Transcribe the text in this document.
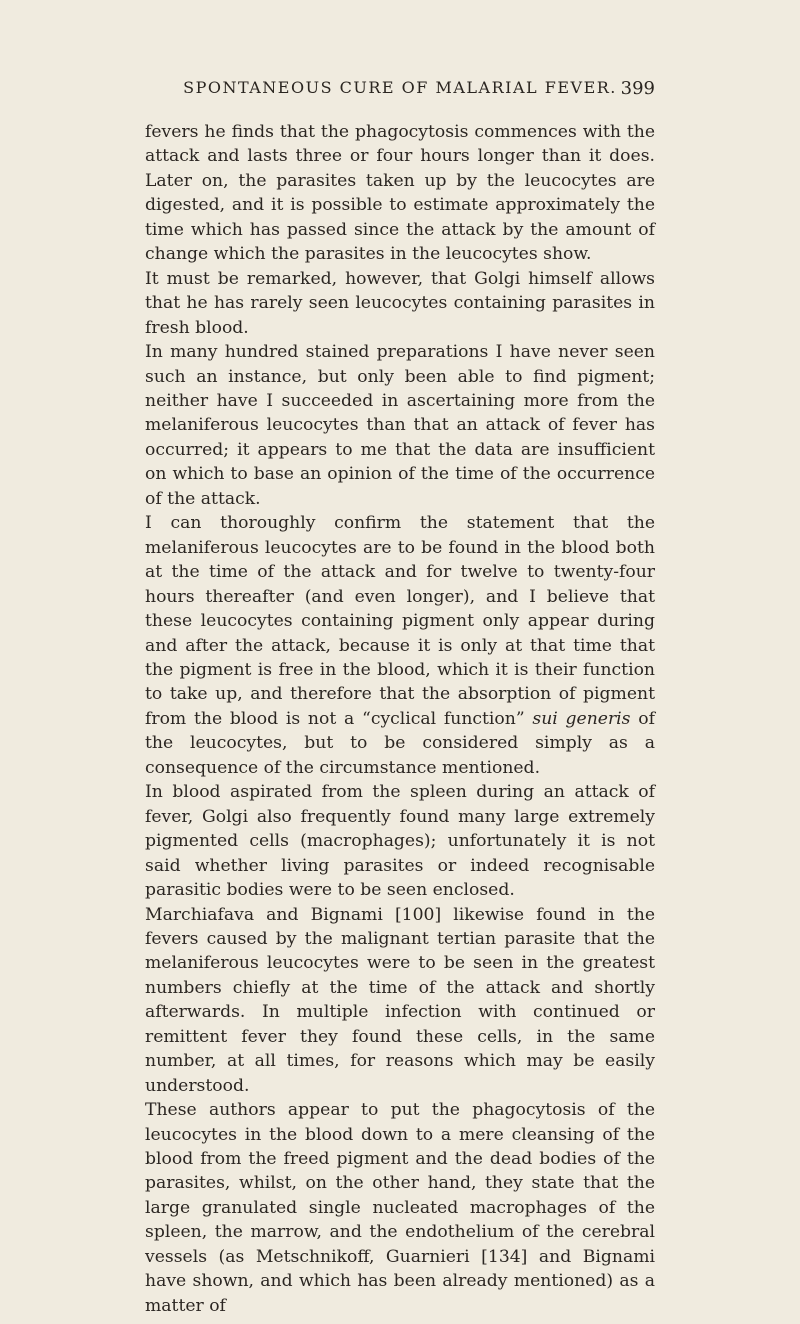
SPONTANEOUS CURE OF MALARIAL FEVER. 399

fevers he finds that the phagocytosis commences with the attack and lasts three or four hours longer than it does. Later on, the parasites taken up by the leucocytes are digested, and it is possible to estimate approximately the time which has passed since the attack by the amount of change which the parasites in the leucocytes show.

It must be remarked, however, that Golgi himself allows that he has rarely seen leucocytes containing parasites in fresh blood.

In many hundred stained preparations I have never seen such an instance, but only been able to find pigment; neither have I succeeded in ascertaining more from the melaniferous leucocytes than that an attack of fever has occurred; it appears to me that the data are insufficient on which to base an opinion of the time of the occurrence of the attack.

I can thoroughly confirm the statement that the melaniferous leucocytes are to be found in the blood both at the time of the attack and for twelve to twenty-four hours thereafter (and even longer), and I believe that these leucocytes containing pigment only appear during and after the attack, because it is only at that time that the pigment is free in the blood, which it is their function to take up, and therefore that the absorption of pigment from the blood is not a “cyclical function” sui generis of the leucocytes, but to be considered simply as a consequence of the circumstance mentioned.

In blood aspirated from the spleen during an attack of fever, Golgi also frequently found many large extremely pigmented cells (macrophages); unfortunately it is not said whether living parasites or indeed recognisable parasitic bodies were to be seen enclosed.

Marchiafava and Bignami [100] likewise found in the fevers caused by the malignant tertian parasite that the melaniferous leucocytes were to be seen in the greatest numbers chiefly at the time of the attack and shortly afterwards. In multiple infection with continued or remittent fever they found these cells, in the same number, at all times, for reasons which may be easily understood.

These authors appear to put the phagocytosis of the leucocytes in the blood down to a mere cleansing of the blood from the freed pigment and the dead bodies of the parasites, whilst, on the other hand, they state that the large granulated single nucleated macrophages of the spleen, the marrow, and the endothelium of the cerebral vessels (as Metschnikoff, Guarnieri [134] and Bignami have shown, and which has been already mentioned) as a matter of
